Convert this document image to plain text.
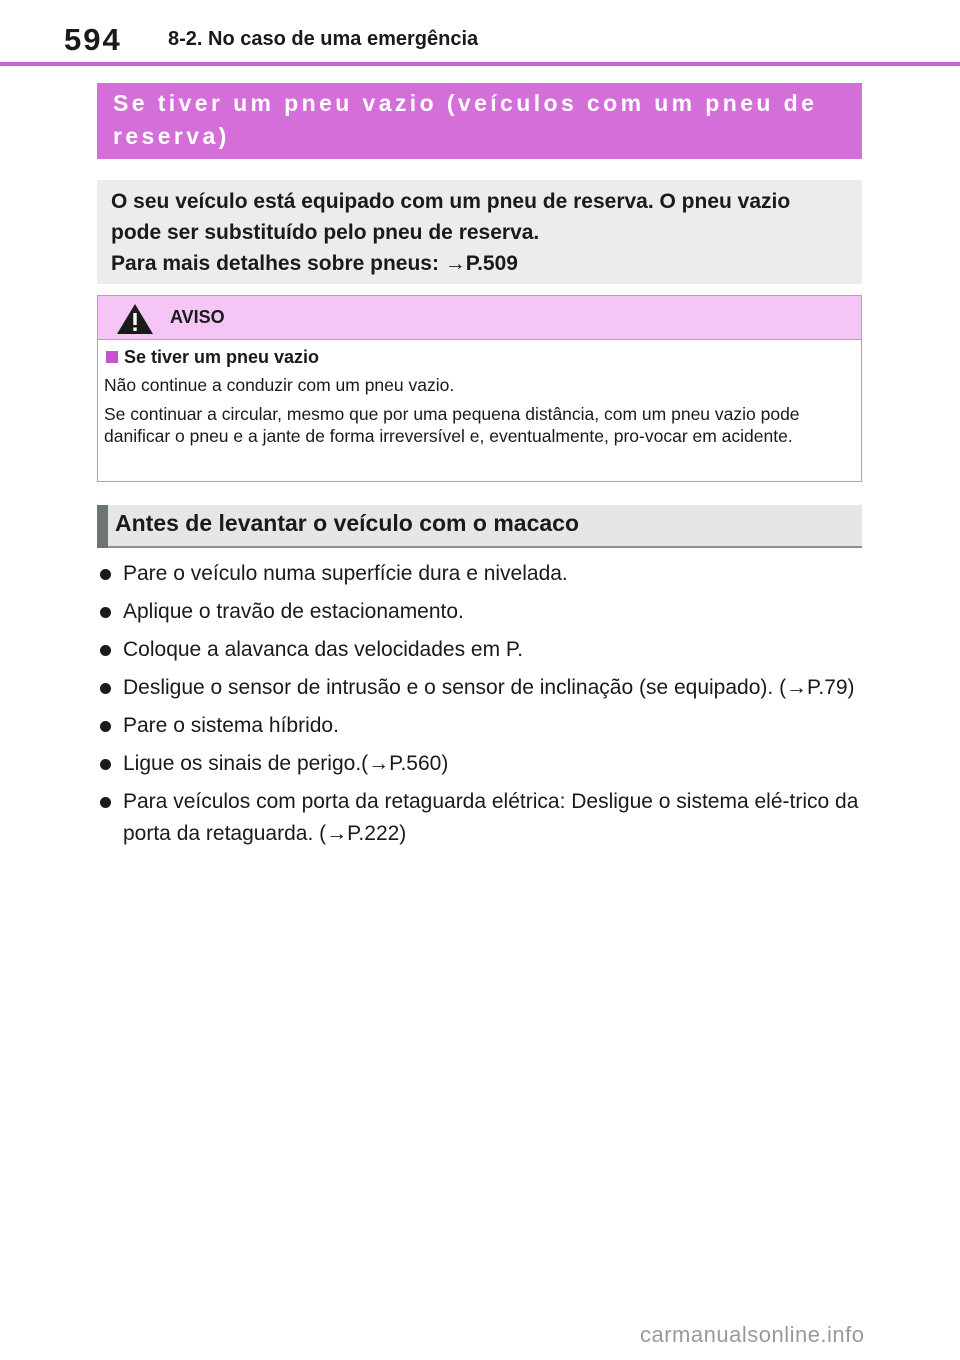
594 8-2. No caso de uma emergência
Se tiver um pneu vazio (veículos com um pneu de reserva)
O seu veículo está equipado com um pneu de reserva. O pneu vazio
pode ser substituído pelo pneu de reserva.
Para mais detalhes sobre pneus: →P.509
AVISO
Se tiver um pneu vazio
Não continue a conduzir com um pneu vazio.
Se continuar a circular, mesmo que por uma pequena distância, com um pneu vazio pode danificar o pneu e a jante de forma irreversível e, eventualmente, pro-vocar em acidente.
Antes de levantar o veículo com o macaco
Pare o veículo numa superfície dura e nivelada.
Aplique o travão de estacionamento.
Coloque a alavanca das velocidades em P.
Desligue o sensor de intrusão e o sensor de inclinação (se equipado). (→P.79)
Pare o sistema híbrido.
Ligue os sinais de perigo.(→P.560)
Para veículos com porta da retaguarda elétrica: Desligue o sistema elé-trico da porta da retaguarda. (→P.222)
carmanualsonline.info
